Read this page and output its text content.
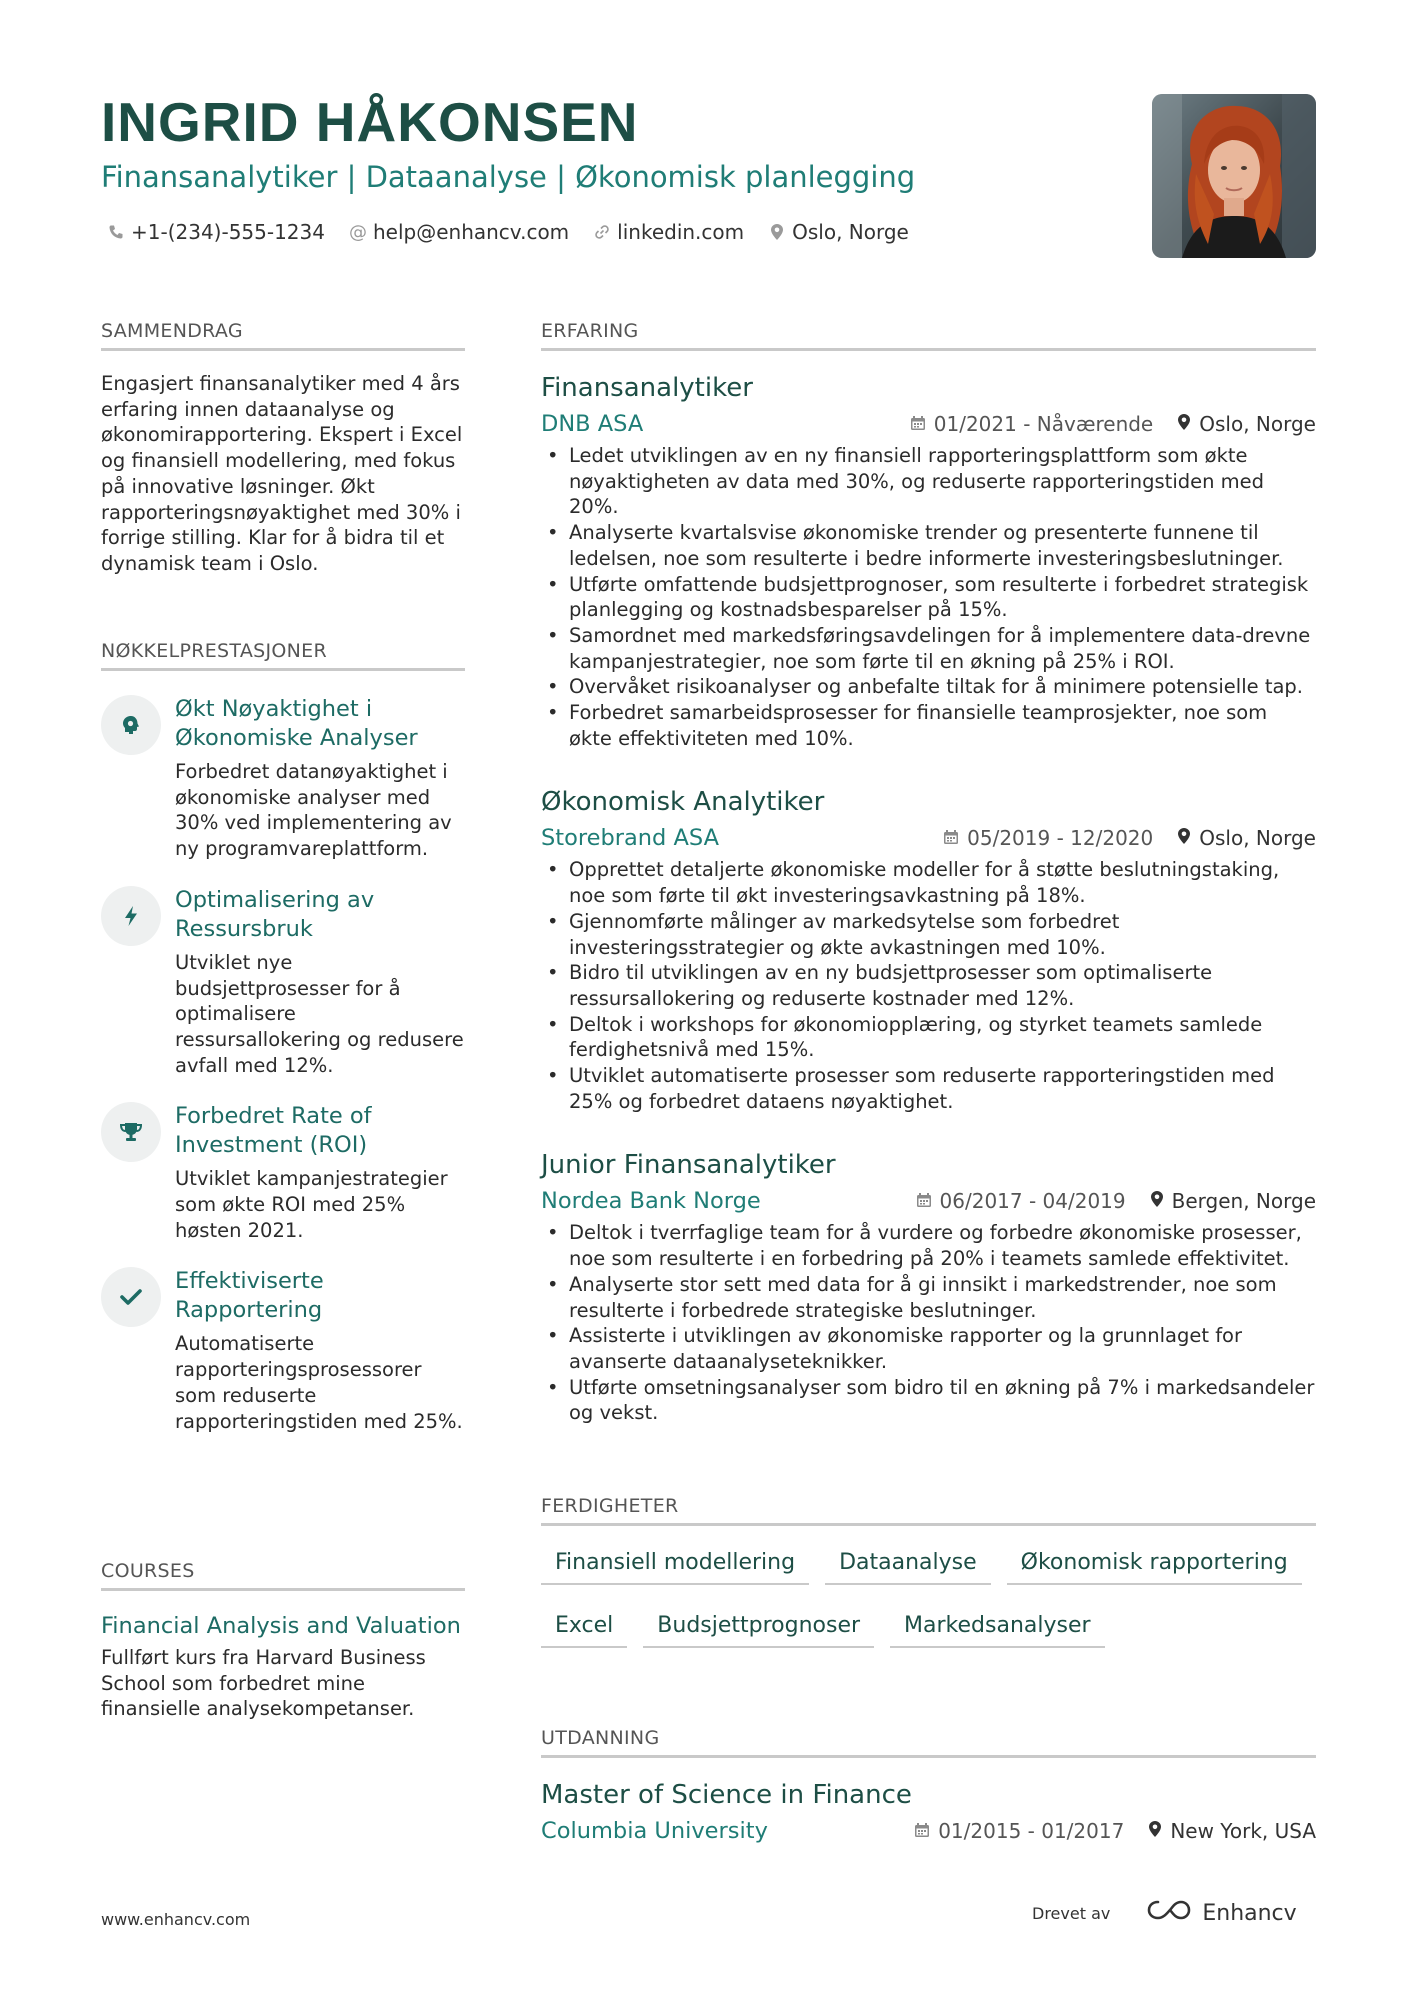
INGRID HÅKONSEN
Finansanalytiker | Dataanalyse | Økonomisk planlegging
+1-(234)-555-1234 @ help@enhancv.com linkedin.com Oslo, Norge
SAMMENDRAG
Engasjert finansanalytiker med 4 års erfaring innen dataanalyse og økonomirapportering. Ekspert i Excel og finansiell modellering, med fokus på innovative løsninger. Økt rapporteringsnøyaktighet med 30% i forrige stilling. Klar for å bidra til et dynamisk team i Oslo.
NØKKELPRESTASJONER
Økt Nøyaktighet i Økonomiske Analyser
Forbedret datanøyaktighet i økonomiske analyser med 30% ved implementering av ny programvareplattform.
Optimalisering av Ressursbruk
Utviklet nye budsjettprosesser for å optimalisere ressursallokering og redusere avfall med 12%.
Forbedret Rate of Investment (ROI)
Utviklet kampanjestrategier som økte ROI med 25% høsten 2021.
Effektiviserte Rapportering
Automatiserte rapporteringsprosessorer som reduserte rapporteringstiden med 25%.
COURSES
Financial Analysis and Valuation
Fullført kurs fra Harvard Business School som forbedret mine finansielle analysekompetanser.
ERFARING
Finansanalytiker
DNB ASA	01/2021 - Nåværende Oslo, Norge
• Ledet utviklingen av en ny finansiell rapporteringsplattform som økte nøyaktigheten av data med 30%, og reduserte rapporteringstiden med 20%.
• Analyserte kvartalsvise økonomiske trender og presenterte funnene til ledelsen, noe som resulterte i bedre informerte investeringsbeslutninger.
• Utførte omfattende budsjettprognoser, som resulterte i forbedret strategisk planlegging og kostnadsbesparelser på 15%.
• Samordnet med markedsføringsavdelingen for å implementere data-drevne kampanjestrategier, noe som førte til en økning på 25% i ROI.
• Overvåket risikoanalyser og anbefalte tiltak for å minimere potensielle tap.
• Forbedret samarbeidsprosesser for finansielle teamprosjekter, noe som økte effektiviteten med 10%.
Økonomisk Analytiker
Storebrand ASA	05/2019 - 12/2020 Oslo, Norge
• Opprettet detaljerte økonomiske modeller for å støtte beslutningstaking, noe som førte til økt investeringsavkastning på 18%.
• Gjennomførte målinger av markedsytelse som forbedret investeringsstrategier og økte avkastningen med 10%.
• Bidro til utviklingen av en ny budsjettprosesser som optimaliserte ressursallokering og reduserte kostnader med 12%.
• Deltok i workshops for økonomiopplæring, og styrket teamets samlede ferdighetsnivå med 15%.
• Utviklet automatiserte prosesser som reduserte rapporteringstiden med 25% og forbedret dataens nøyaktighet.
Junior Finansanalytiker
Nordea Bank Norge	06/2017 - 04/2019 Bergen, Norge
• Deltok i tverrfaglige team for å vurdere og forbedre økonomiske prosesser, noe som resulterte i en forbedring på 20% i teamets samlede effektivitet.
• Analyserte stor sett med data for å gi innsikt i markedstrender, noe som resulterte i forbedrede strategiske beslutninger.
• Assisterte i utviklingen av økonomiske rapporter og la grunnlaget for avanserte dataanalyseteknikker.
• Utførte omsetningsanalyser som bidro til en økning på 7% i markedsandeler og vekst.
FERDIGHETER
Finansiell modellering	Dataanalyse	Økonomisk rapportering
Excel	Budsjettprognoser	Markedsanalyser
UTDANNING
Master of Science in Finance
Columbia University	01/2015 - 01/2017 New York, USA
www.enhancv.com	Drevet av	Enhancv
